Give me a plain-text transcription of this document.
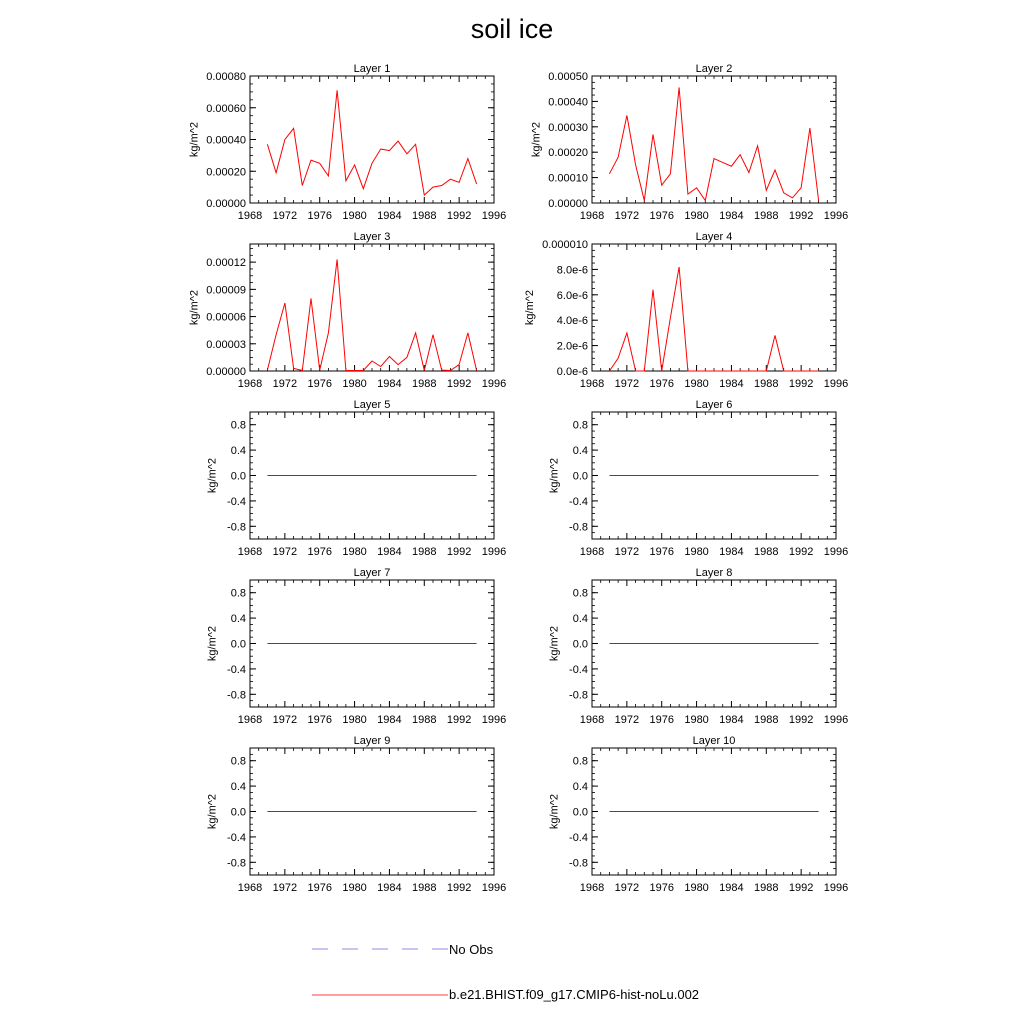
soil ice
Layer 1
1968 1972 1976 1980 1984 1988 1992 1996
0.00000
0.00020
0.00040
0.00060
0.00080
kg/m^2
Layer 2
1968 1972 1976 1980 1984 1988 1992 1996
0.00000
0.00010
0.00020
0.00030
0.00040
0.00050
kg/m^2
Layer 3
1968 1972 1976 1980 1984 1988 1992 1996
0.00000
0.00003
0.00006
0.00009
0.00012
kg/m^2
Layer 4
1968 1972 1976 1980 1984 1988 1992 1996
0.0e-6
2.0e-6
4.0e-6
6.0e-6
8.0e-6
0.000010
kg/m^2
Layer 5
1968 1972 1976 1980 1984 1988 1992 1996
-0.8
-0.4
0.0
0.4
0.8
kg/m^2
Layer 6
1968 1972 1976 1980 1984 1988 1992 1996
-0.8
-0.4
0.0
0.4
0.8
kg/m^2
Layer 7
1968 1972 1976 1980 1984 1988 1992 1996
-0.8
-0.4
0.0
0.4
0.8
kg/m^2
Layer 8
1968 1972 1976 1980 1984 1988 1992 1996
-0.8
-0.4
0.0
0.4
0.8
kg/m^2
Layer 9
1968 1972 1976 1980 1984 1988 1992 1996
-0.8
-0.4
0.0
0.4
0.8
kg/m^2
Layer 10
1968 1972 1976 1980 1984 1988 1992 1996
-0.8
-0.4
0.0
0.4
0.8
kg/m^2
No Obs
b.e21.BHIST.f09_g17.CMIP6-hist-noLu.002
